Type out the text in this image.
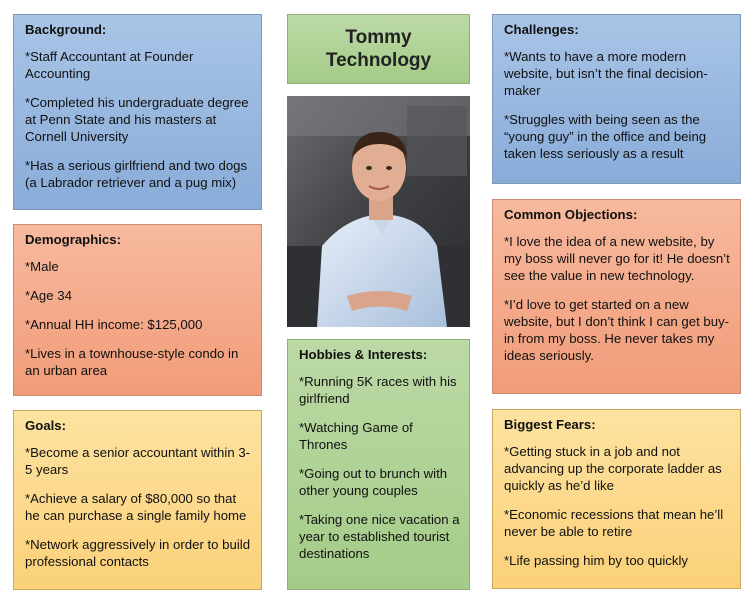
Background:

*Staff Accountant at Founder Accounting

*Completed his undergraduate degree at Penn State and his masters at Cornell University

*Has a serious girlfriend and two dogs (a Labrador retriever and a pug mix)

Demographics:

*Male

*Age 34

*Annual HH income: $125,000

*Lives in a townhouse-style condo in an urban area

Goals:

*Become a senior accountant within 3-5 years

*Achieve a salary of $80,000 so that he can purchase a single family home

*Network aggressively in order to build professional contacts

Tommy Technology
Hobbies & Interests:

*Running 5K races with his girlfriend

*Watching Game of Thrones

*Going out to brunch with other young couples

*Taking one nice vacation a year to established tourist destinations

Challenges:

*Wants to have a more modern website, but isn’t the final decision-maker

*Struggles with being seen as the “young guy” in the office and being taken less seriously as a result

Common Objections:

*I love the idea of a new website, by my boss will never go for it! He doesn’t see the value in new technology.

*I’d love to get started on a new website, but I don’t think I can get buy-in from my boss. He never takes my ideas seriously.

Biggest Fears:

*Getting stuck in a job and not advancing up the corporate ladder as quickly as he’d like

*Economic recessions that mean he’ll never be able to retire

*Life passing him by too quickly
